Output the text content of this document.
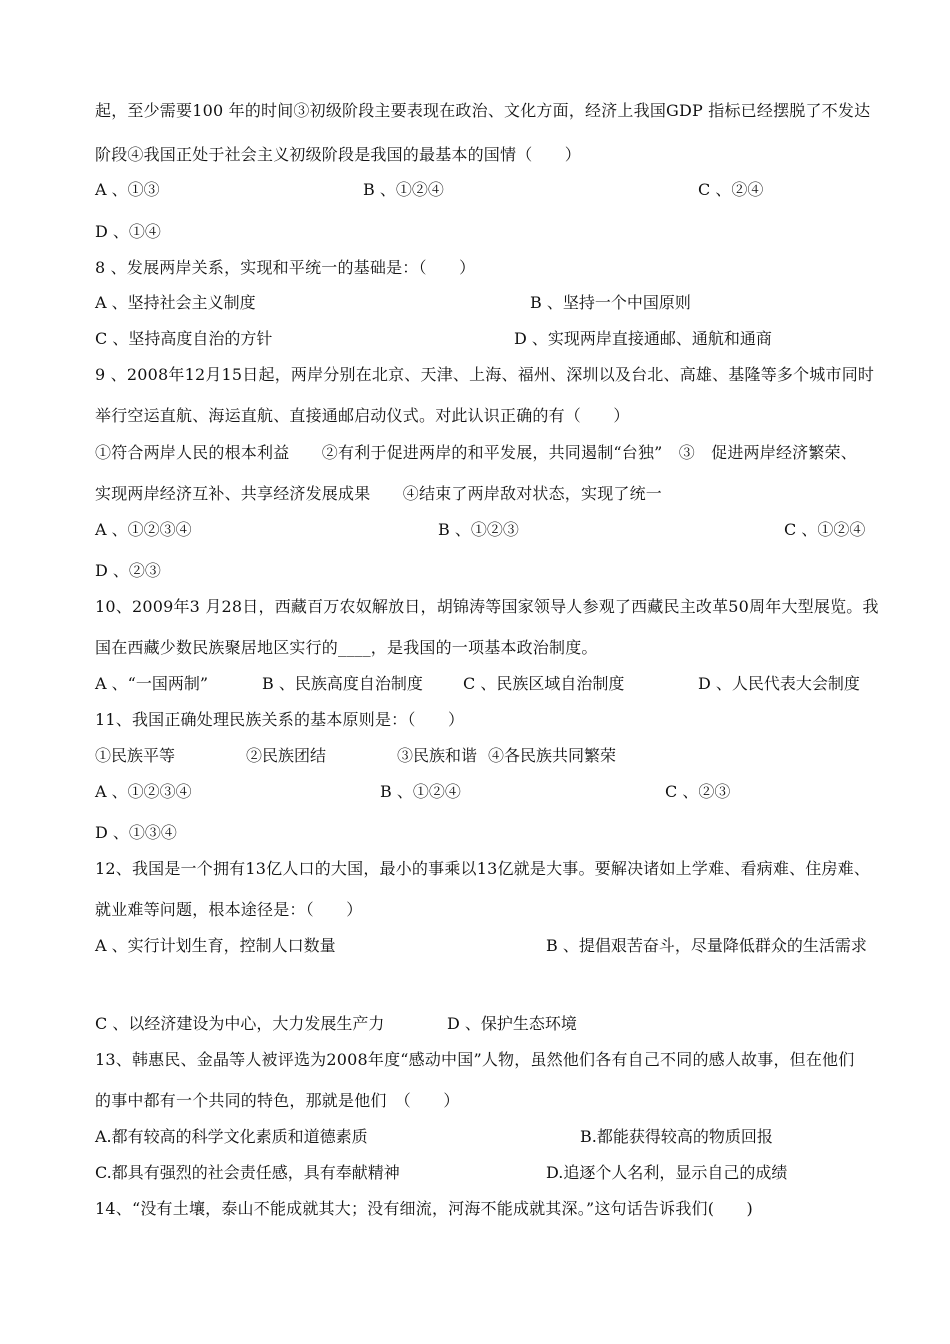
起，至少需要100 年的时间③初级阶段主要表现在政治、文化方面，经济上我国GDP 指标已经摆脱了不发达
阶段④我国正处于社会主义初级阶段是我国的最基本的国情（　　）
A 、①③	B 、①②④	C 、②④
D 、①④
8 、发展两岸关系，实现和平统一的基础是：（　　）
A 、坚持社会主义制度	B 、坚持一个中国原则
C 、坚持高度自治的方针	D 、实现两岸直接通邮、通航和通商
9 、2008年12月15日起，两岸分别在北京、天津、上海、福州、深圳以及台北、高雄、基隆等多个城市同时
举行空运直航、海运直航、直接通邮启动仪式。对此认识正确的有（　　）
①符合两岸人民的根本利益　　②有利于促进两岸的和平发展，共同遏制“台独”　③　促进两岸经济繁荣、
实现两岸经济互补、共享经济发展成果　　④结束了两岸敌对状态，实现了统一
A 、①②③④	B 、①②③	C 、①②④
D 、②③
10、2009年3 月28日，西藏百万农奴解放日，胡锦涛等国家领导人参观了西藏民主改革50周年大型展览。我
国在西藏少数民族聚居地区实行的____，是我国的一项基本政治制度。
A 、“一国两制”	B 、民族高度自治制度	C 、民族区域自治制度	D 、人民代表大会制度
11、我国正确处理民族关系的基本原则是：（　　）
①民族平等	②民族团结	③民族和谐 ④各民族共同繁荣
A 、①②③④	B 、①②④	C 、②③
D 、①③④
12、我国是一个拥有13亿人口的大国，最小的事乘以13亿就是大事。要解决诸如上学难、看病难、住房难、
就业难等问题，根本途径是：（　　）
A 、实行计划生育，控制人口数量	B 、提倡艰苦奋斗，尽量降低群众的生活需求
C 、以经济建设为中心，大力发展生产力	D 、保护生态环境
13、韩惠民、金晶等人被评选为2008年度“感动中国”人物，虽然他们各有自己不同的感人故事，但在他们
的事中都有一个共同的特色，那就是他们　（　　）
A.都有较高的科学文化素质和道德素质	B.都能获得较高的物质回报
C.都具有强烈的社会责任感，具有奉献精神	D.追逐个人名利，显示自己的成绩
14、“没有土壤，泰山不能成就其大；没有细流，河海不能成就其深。”这句话告诉我们(　　)
